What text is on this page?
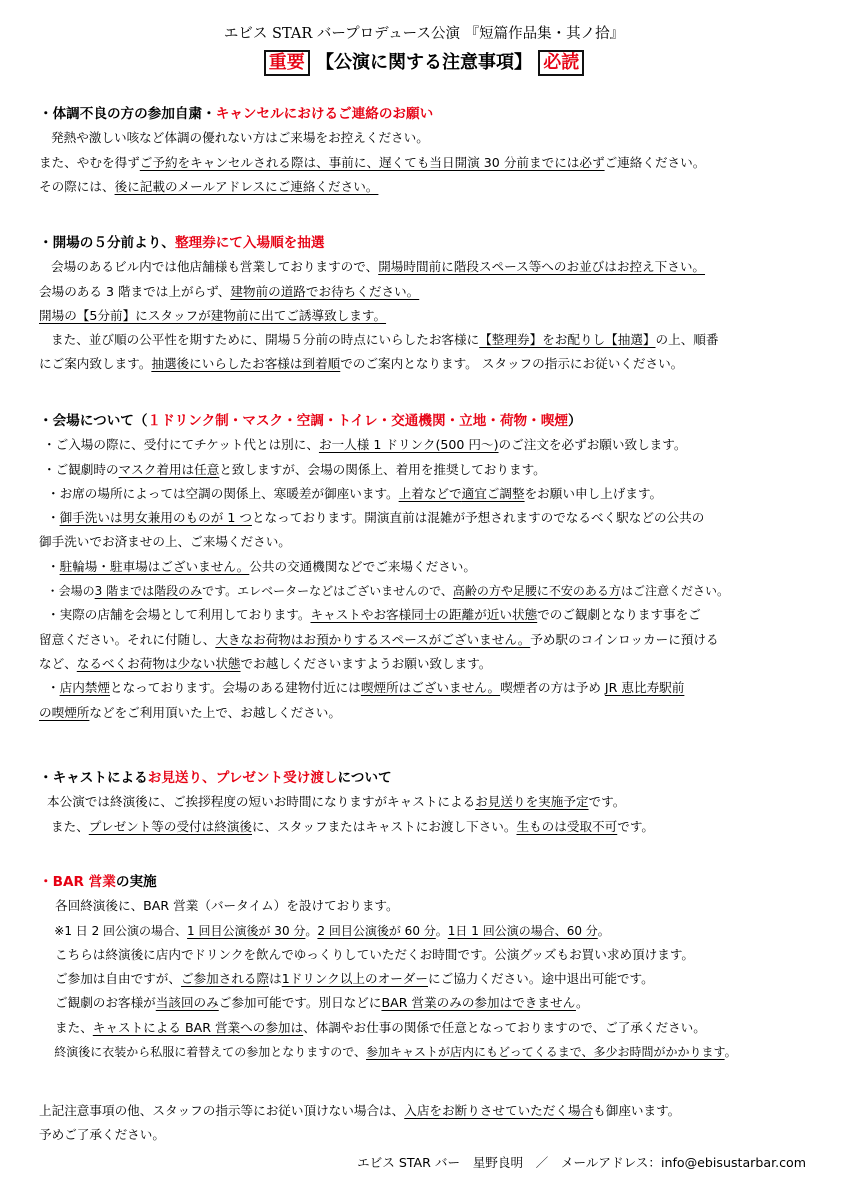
エビス STAR バープロデュース公演 『短篇作品集・其ノ拾』
重要 【公演に関する注意事項】 必読

・体調不良の方の参加自粛・キャンセルにおけるご連絡のお願い

発熱や激しい咳など体調の優れない方はご来場をお控えください。

また、やむを得ずご予約をキャンセルされる際は、事前に、遅くても当日開演 30 分前までには必ずご連絡ください。

その際には、後に記載のメールアドレスにご連絡ください。

・開場の５分前より、整理券にて入場順を抽選

会場のあるビル内では他店舗様も営業しておりますので、開場時間前に階段スペース等へのお並びはお控え下さい。

会場のある 3 階までは上がらず、建物前の道路でお待ちください。

開場の【5分前】にスタッフが建物前に出てご誘導致します。

また、並び順の公平性を期すために、開場５分前の時点にいらしたお客様に【整理券】をお配りし【抽選】の上、順番

にご案内致します。抽選後にいらしたお客様は到着順でのご案内となります。 スタッフの指示にお従いください。

・会場について（１ドリンク制・マスク・空調・トイレ・交通機関・立地・荷物・喫煙）

・ご入場の際に、受付にてチケット代とは別に、お一人様 1 ドリンク(500 円～)のご注文を必ずお願い致します。

・ご観劇時のマスク着用は任意と致しますが、会場の関係上、着用を推奨しております。

・お席の場所によっては空調の関係上、寒暖差が御座います。上着などで適宜ご調整をお願い申し上げます。

・御手洗いは男女兼用のものが 1 つとなっております。開演直前は混雑が予想されますのでなるべく駅などの公共の

御手洗いでお済ませの上、ご来場ください。

・駐輪場・駐車場はございません。公共の交通機関などでご来場ください。

・会場の3 階までは階段のみです。エレベーターなどはございませんので、高齢の方や足腰に不安のある方はご注意ください。

・実際の店舗を会場として利用しております。キャストやお客様同士の距離が近い状態でのご観劇となります事をご

留意ください。それに付随し、大きなお荷物はお預かりするスペースがございません。予め駅のコインロッカーに預ける

など、なるべくお荷物は少ない状態でお越しくださいますようお願い致します。

・店内禁煙となっております。会場のある建物付近には喫煙所はございません。喫煙者の方は予め JR 恵比寿駅前

の喫煙所などをご利用頂いた上で、お越しください。

・キャストによるお見送り、プレゼント受け渡しについて

本公演では終演後に、ご挨拶程度の短いお時間になりますがキャストによるお見送りを実施予定です。

また、プレゼント等の受付は終演後に、スタッフまたはキャストにお渡し下さい。生ものは受取不可です。

・BAR 営業の実施

各回終演後に、BAR 営業（バータイム）を設けております。

※1 日 2 回公演の場合、1 回目公演後が 30 分。2 回目公演後が 60 分。1日 1 回公演の場合、60 分。

こちらは終演後に店内でドリンクを飲んでゆっくりしていただくお時間です。公演グッズもお買い求め頂けます。

ご参加は自由ですが、ご参加される際は1ドリンク以上のオーダーにご協力ください。途中退出可能です。

ご観劇のお客様が当該回のみご参加可能です。別日などにBAR 営業のみの参加はできません。

また、キャストによる BAR 営業への参加は、体調やお仕事の関係で任意となっておりますので、ご了承ください。

終演後に衣装から私服に着替えての参加となりますので、参加キャストが店内にもどってくるまで、多少お時間がかかります。

上記注意事項の他、スタッフの指示等にお従い頂けない場合は、入店をお断りさせていただく場合も御座います。

予めご了承ください。

エビス STAR バー　星野良明　／　メールアドレス：info@ebisustarbar.com
